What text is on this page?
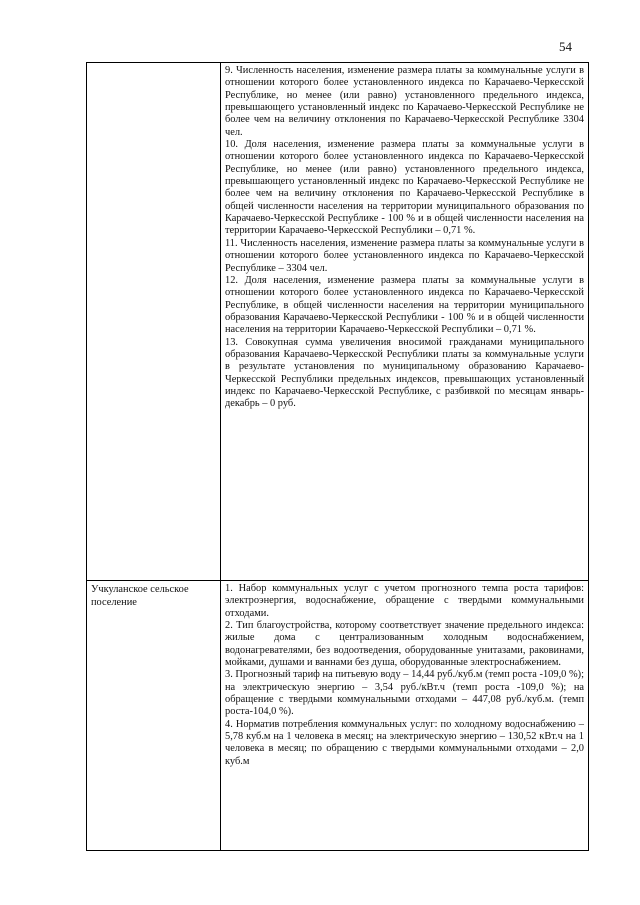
54

	9. Численность населения, изменение размера платы за коммунальные услуги в отношении которого более установленного индекса по Карачаево-Черкесской Республике, но менее (или равно) установленного предельного индекса, превышающего установленный индекс по Карачаево-Черкесской Республике не более чем на величину отклонения по Карачаево-Черкесской Республике 3304 чел.

10. Доля населения, изменение размера платы за коммунальные услуги в отношении которого более установленного индекса по Карачаево-Черкесской Республике, но менее (или равно) установленного предельного индекса, превышающего установленный индекс по Карачаево-Черкесской Республике не более чем на величину отклонения по Карачаево-Черкесской Республике в общей численности населения на территории муниципального образования по Карачаево-Черкесской Республике - 100 % и в общей численности населения на территории Карачаево-Черкесской Республики – 0,71 %.

11. Численность населения, изменение размера платы за коммунальные услуги в отношении которого более установленного индекса по Карачаево-Черкесской Республике – 3304 чел.

12. Доля населения, изменение размера платы за коммунальные услуги в отношении которого более установленного индекса по Карачаево-Черкесской Республике, в общей численности населения на территории муниципального образования Карачаево-Черкесской Республики - 100 % и в общей численности населения на территории Карачаево-Черкесской Республики – 0,71 %.

13. Совокупная сумма увеличения вносимой гражданами муниципального образования Карачаево-Черкесской Республики платы за коммунальные услуги в результате установления по муниципальному образованию Карачаево-Черкесской Республики предельных индексов, превышающих установленный индекс по Карачаево-Черкесской Республике, с разбивкой по месяцам январь-декабрь – 0 руб.

Учкуланское сельское поселение	1. Набор коммунальных услуг с учетом прогнозного темпа роста тарифов: электроэнергия, водоснабжение, обращение с твердыми коммунальными отходами.

2. Тип благоустройства, которому соответствует значение предельного индекса: жилые дома с централизованным холодным водоснабжением, водонагревателями, без водоотведения, оборудованные унитазами, раковинами, мойками, душами и ваннами без душа, оборудованные электроснабжением.

3. Прогнозный тариф на питьевую воду – 14,44 руб./куб.м (темп роста -109,0 %); на электрическую энергию – 3,54 руб./кВт.ч (темп роста -109,0 %); на обращение с твердыми коммунальными отходами – 447,08 руб./куб.м. (темп роста-104,0 %).

4. Норматив потребления коммунальных услуг: по холодному водоснабжению – 5,78 куб.м на 1 человека в месяц; на электрическую энергию – 130,52 кВт.ч на 1 человека в месяц; по обращению с твердыми коммунальными отходами – 2,0 куб.м
